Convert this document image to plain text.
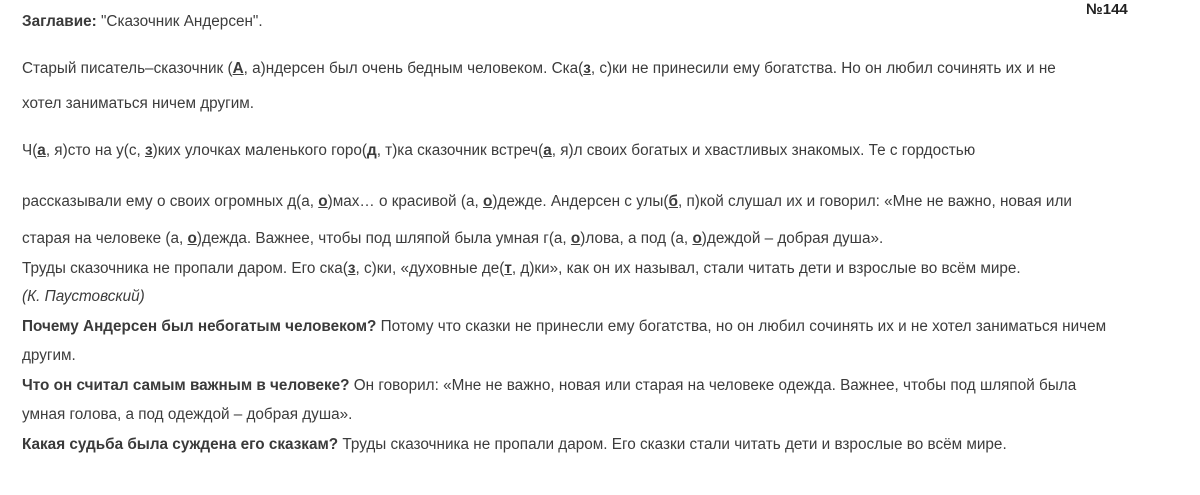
№144
Заглавие: "Сказочник Андерсен".
Старый писатель–сказочник (А, а)ндерсен был очень бедным человеком. Ска(з, с)ки не принесили ему богатства. Но он любил сочинять их и не
хотел заниматься ничем другим.
Ч(а, я)сто на у(с, з)ких улочках маленького горо(д, т)ка сказочник встреч(а, я)л своих богатых и хвастливых знакомых. Те с гордостью
рассказывали ему о своих огромных д(а, о)мах… о красивой (а, о)дежде. Андерсен с улы(б, п)кой слушал их и говорил: «Мне не важно, новая или
старая на человеке (а, о)дежда. Важнее, чтобы под шляпой была умная г(а, о)лова, а под (а, о)деждой – добрая душа».
Труды сказочника не пропали даром. Его ска(з, с)ки, «духовные де(т, д)ки», как он их называл, стали читать дети и взрослые во всём мире.
(К. Паустовский)
Почему Андерсен был небогатым человеком? Потому что сказки не принесли ему богатства, но он любил сочинять их и не хотел заниматься ничем
другим.
Что он считал самым важным в человеке? Он говорил: «Мне не важно, новая или старая на человеке одежда. Важнее, чтобы под шляпой была
умная голова, а под одеждой – добрая душа».
Какая судьба была суждена его сказкам? Труды сказочника не пропали даром. Его сказки стали читать дети и взрослые во всём мире.
